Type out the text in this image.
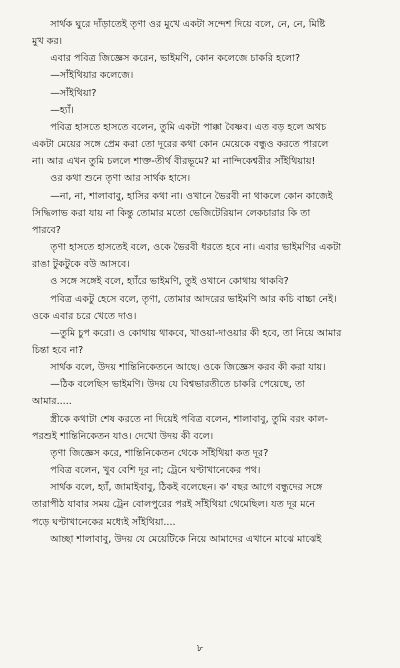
সার্থক ঘুরে দাঁড়াতেই তৃণা ওর মুখে একটা সন্দেশ দিয়ে বলে, নে, নে, মিষ্টি

মুখ কর।

এবার পবিত্র জিজ্ঞেস করেন, ভাইমণি, কোন কলেজে চাকরি হলো?

—সাঁইথিয়ার কলেজে।

—সাঁইথিয়া?

—হ্যাঁ।

পবিত্র হাসতে হাসতে বলেন, তুমি একটা পাক্কা বৈষ্ণব। এত বড় হলে অথচ

একটা মেয়ের সঙ্গে প্রেম করা তো দূরের কথা কোন মেয়েকে বন্ধুও করতে পারলে

না। আর এখন তুমি চললে শাক্ত-তীর্থ বীরভূমে? মা নান্দিকেশ্বরীর সাঁইথিয়ায়!

ওর কথা শুনে তৃণা আর সার্থক হাসে।

—না, না, শালাবাবু, হাসির কথা না। ওখানে ভৈরবী না থাকলে কোন কাজেই

সিদ্ধিলাভ করা যায় না কিন্তু তোমার মতো ভেজিটেরিয়ান লেকচারার কি তা

পারবে?

তৃণা হাসতে হাসতেই বলে, ওকে ভৈরবী ধরতে হবে না। এবার ভাইমণির একটা

রাঙা টুকটুকে বউ আসবে।

ও সঙ্গে সঙ্গেই বলে, হ্যাঁরে ভাইমণি, তুই ওখানে কোথায় থাকবি?

পবিত্র একটু হেসে বলে, তৃণা, তোমার আদরের ভাইমণি আর কচি বাচ্চা নেই।

ওকে এবার চরে খেতে দাও।

—তুমি চুপ করো। ও কোথায় থাকবে, খাওয়া-দাওয়ার কী হবে, তা নিয়ে আমার

চিন্তা হবে না?

সার্থক বলে, উদয় শান্তিনিকেতনে আছে। ওকে জিজ্ঞেস করব কী করা যায়।

—ঠিক বলেছিস ভাইমণি। উদয় যে বিশ্বভারতীতে চাকরি পেয়েছে, তা

আমার.....

স্ত্রীকে কথাটা শেষ করতে না দিয়েই পবিত্র বলেন, শালাবাবু, তুমি বরং কাল-

পরশুই শান্তিনিকেতন যাও। দেখো উদয় কী বলে।

তৃণা জিজ্ঞেস করে, শান্তিনিকেতন থেকে সাঁইথিয়া কত দূর?

পবিত্র বলেন, খুব বেশি দূর না; ট্রেনে ঘণ্টাখানেকের পথ।

সার্থক বলে, হ্যাঁ, জামাইবাবু, ঠিকই বলেছেন। ক' বছর আগে বন্ধুদের সঙ্গে

তারাপীঠ যাবার সময় ট্রেন বোলপুরের পরই সাঁইথিয়া থেমেছিল। যত দূর মনে

পড়ে ঘণ্টাখানেকের মধ্যেই সাঁইথিয়া....

আচ্ছা শালাবাবু, উদয় যে মেয়েটিকে নিয়ে আমাদের এখানে মাঝে মাঝেই

৮
